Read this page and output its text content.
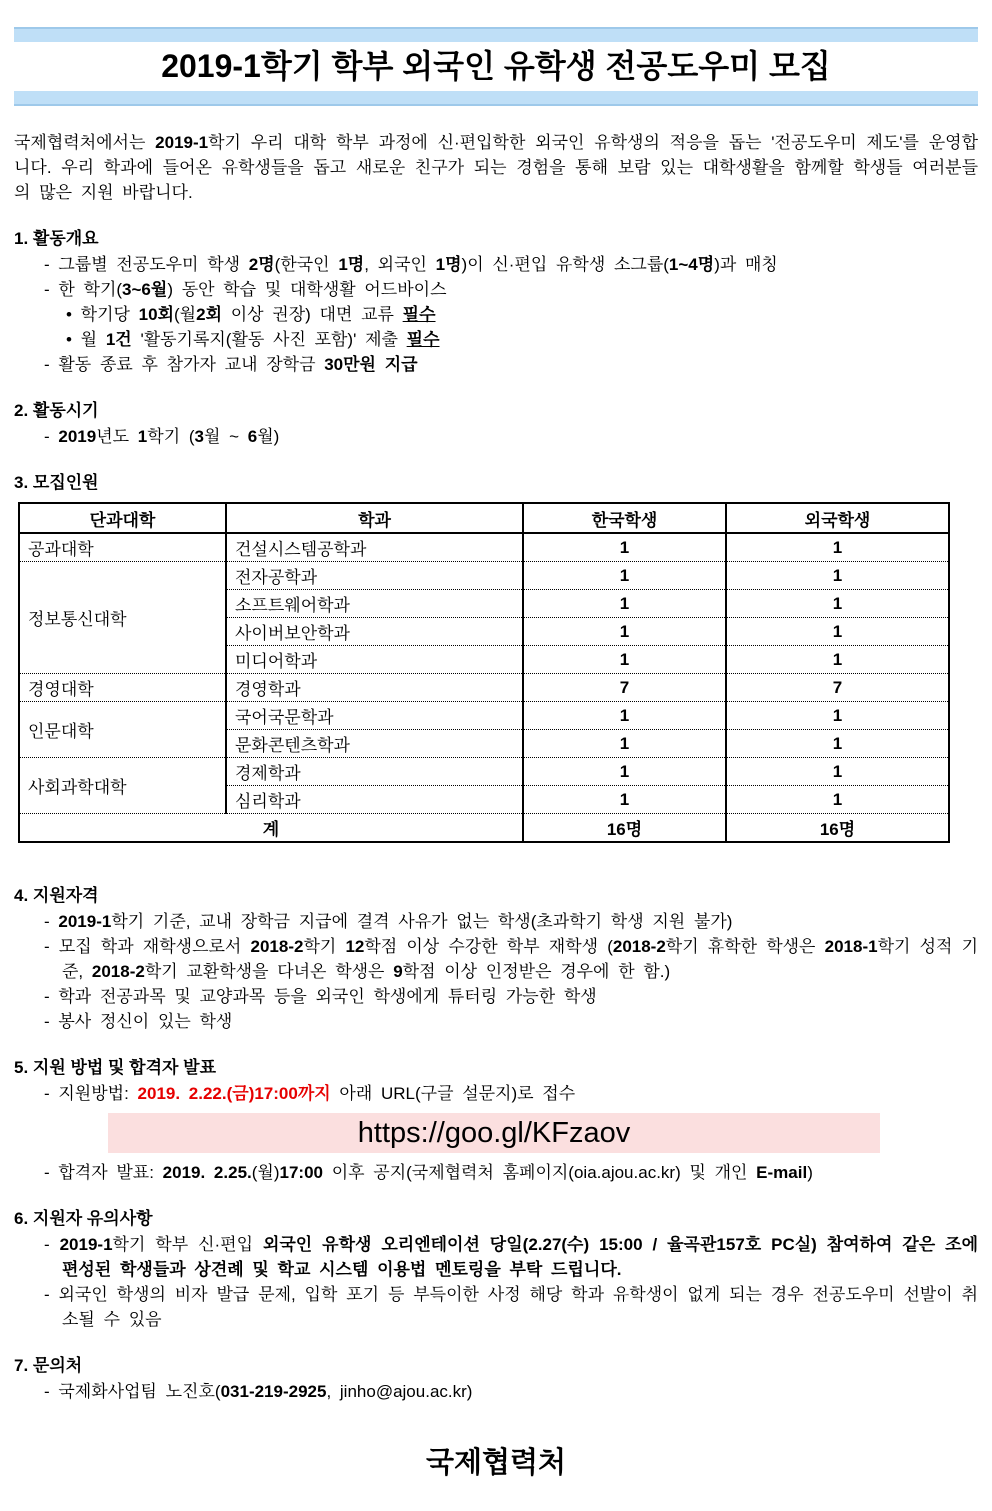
2019-1학기 학부 외국인 유학생 전공도우미 모집

국제협력처에서는 2019-1학기 우리 대학 학부 과정에 신·편입학한 외국인 유학생의 적응을 돕는 '전공도우미 제도'를 운영합니다. 우리 학과에 들어온 유학생들을 돕고 새로운 친구가 되는 경험을 통해 보람 있는 대학생활을 함께할 학생들 여러분들의 많은 지원 바랍니다.

1. 활동개요
- 그룹별 전공도우미 학생 2명(한국인 1명, 외국인 1명)이 신·편입 유학생 소그룹(1~4명)과 매칭
- 한 학기(3~6월) 동안 학습 및 대학생활 어드바이스
• 학기당 10회(월2회 이상 권장) 대면 교류 필수
• 월 1건 '활동기록지(활동 사진 포함)' 제출 필수
- 활동 종료 후 참가자 교내 장학금 30만원 지급
2. 활동시기
- 2019년도 1학기 (3월 ~ 6월)
3. 모집인원
단과대학	학과	한국학생	외국학생
공과대학	건설시스템공학과	1	1
정보통신대학	전자공학과	1	1
	소프트웨어학과	1	1
	사이버보안학과	1	1
	미디어학과	1	1
경영대학	경영학과	7	7
인문대학	국어국문학과	1	1
	문화콘텐츠학과	1	1
사회과학대학	경제학과	1	1
	심리학과	1	1
계		16명	16명
4. 지원자격
- 2019-1학기 기준, 교내 장학금 지급에 결격 사유가 없는 학생(초과학기 학생 지원 불가)
- 모집 학과 재학생으로서 2018-2학기 12학점 이상 수강한 학부 재학생 (2018-2학기 휴학한 학생은 2018-1학기 성적 기준, 2018-2학기 교환학생을 다녀온 학생은 9학점 이상 인정받은 경우에 한 함.)
- 학과 전공과목 및 교양과목 등을 외국인 학생에게 튜터링 가능한 학생
- 봉사 정신이 있는 학생
5. 지원 방법 및 합격자 발표
- 지원방법: 2019. 2.22.(금)17:00까지 아래 URL(구글 설문지)로 접수
https://goo.gl/KFzaov
- 합격자 발표: 2019. 2.25.(월)17:00 이후 공지(국제협력처 홈페이지(oia.ajou.ac.kr) 및 개인 E-mail)
6. 지원자 유의사항
- 2019-1학기 학부 신·편입 외국인 유학생 오리엔테이션 당일(2.27(수) 15:00 / 율곡관157호 PC실) 참여하여 같은 조에 편성된 학생들과 상견례 및 학교 시스템 이용법 멘토링을 부탁 드립니다.
- 외국인 학생의 비자 발급 문제, 입학 포기 등 부득이한 사정 해당 학과 유학생이 없게 되는 경우 전공도우미 선발이 취소될 수 있음
7. 문의처
- 국제화사업팀 노진호(031-219-2925, jinho@ajou.ac.kr)
국제협력처
